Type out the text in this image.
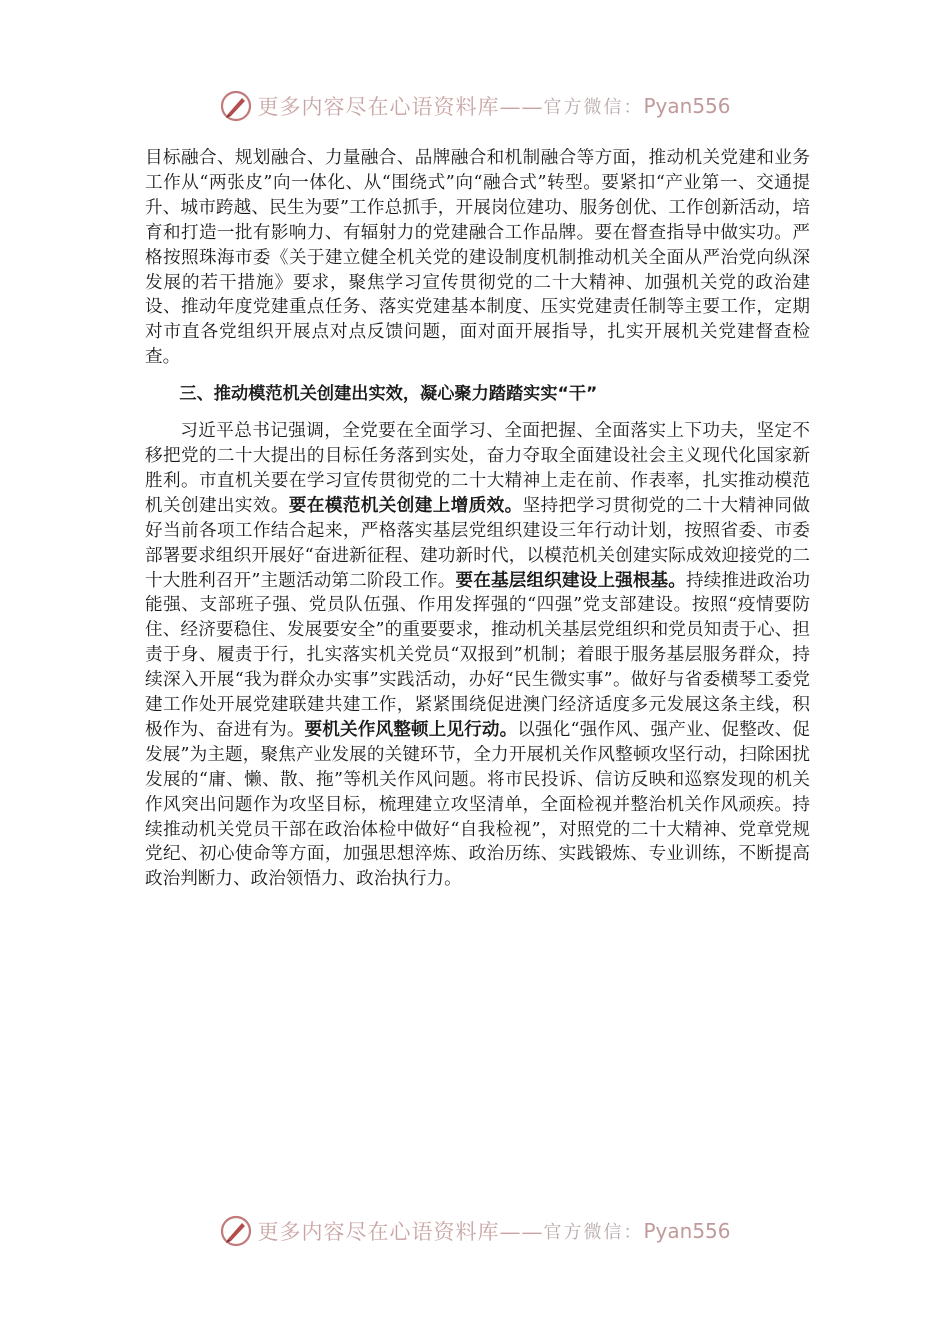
更多内容尽在心语资料库—— 官方微信： Pyan556

目标融合、规划融合、力量融合、品牌融合和机制融合等方面，推动机关党建和业务工作从“两张皮”向一体化、从“围绕式”向“融合式”转型。要紧扣“产业第一、交通提升、城市跨越、民生为要”工作总抓手，开展岗位建功、服务创优、工作创新活动，培育和打造一批有影响力、有辐射力的党建融合工作品牌。要在督查指导中做实功。严格按照珠海市委《关于建立健全机关党的建设制度机制推动机关全面从严治党向纵深发展的若干措施》要求，聚焦学习宣传贯彻党的二十大精神、加强机关党的政治建设、推动年度党建重点任务、落实党建基本制度、压实党建责任制等主要工作，定期对市直各党组织开展点对点反馈问题，面对面开展指导，扎实开展机关党建督查检查。

三、推动模范机关创建出实效，凝心聚力踏踏实实“干”

习近平总书记强调，全党要在全面学习、全面把握、全面落实上下功夫，坚定不移把党的二十大提出的目标任务落到实处，奋力夺取全面建设社会主义现代化国家新胜利。市直机关要在学习宣传贯彻党的二十大精神上走在前、作表率，扎实推动模范机关创建出实效。要在模范机关创建上增质效。坚持把学习贯彻党的二十大精神同做好当前各项工作结合起来，严格落实基层党组织建设三年行动计划，按照省委、市委部署要求组织开展好“奋进新征程、建功新时代，以模范机关创建实际成效迎接党的二十大胜利召开”主题活动第二阶段工作。要在基层组织建设上强根基。持续推进政治功能强、支部班子强、党员队伍强、作用发挥强的“四强”党支部建设。按照“疫情要防住、经济要稳住、发展要安全”的重要要求，推动机关基层党组织和党员知责于心、担责于身、履责于行，扎实落实机关党员“双报到”机制；着眼于服务基层服务群众，持续深入开展“我为群众办实事”实践活动，办好“民生微实事”。做好与省委横琴工委党建工作处开展党建联建共建工作，紧紧围绕促进澳门经济适度多元发展这条主线，积极作为、奋进有为。要机关作风整顿上见行动。以强化“强作风、强产业、促整改、促发展”为主题，聚焦产业发展的关键环节，全力开展机关作风整顿攻坚行动，扫除困扰发展的“庸、懒、散、拖”等机关作风问题。将市民投诉、信访反映和巡察发现的机关作风突出问题作为攻坚目标，梳理建立攻坚清单，全面检视并整治机关作风顽疾。持续推动机关党员干部在政治体检中做好“自我检视”，对照党的二十大精神、党章党规党纪、初心使命等方面，加强思想淬炼、政治历练、实践锻炼、专业训练，不断提高政治判断力、政治领悟力、政治执行力。

更多内容尽在心语资料库—— 官方微信： Pyan556
